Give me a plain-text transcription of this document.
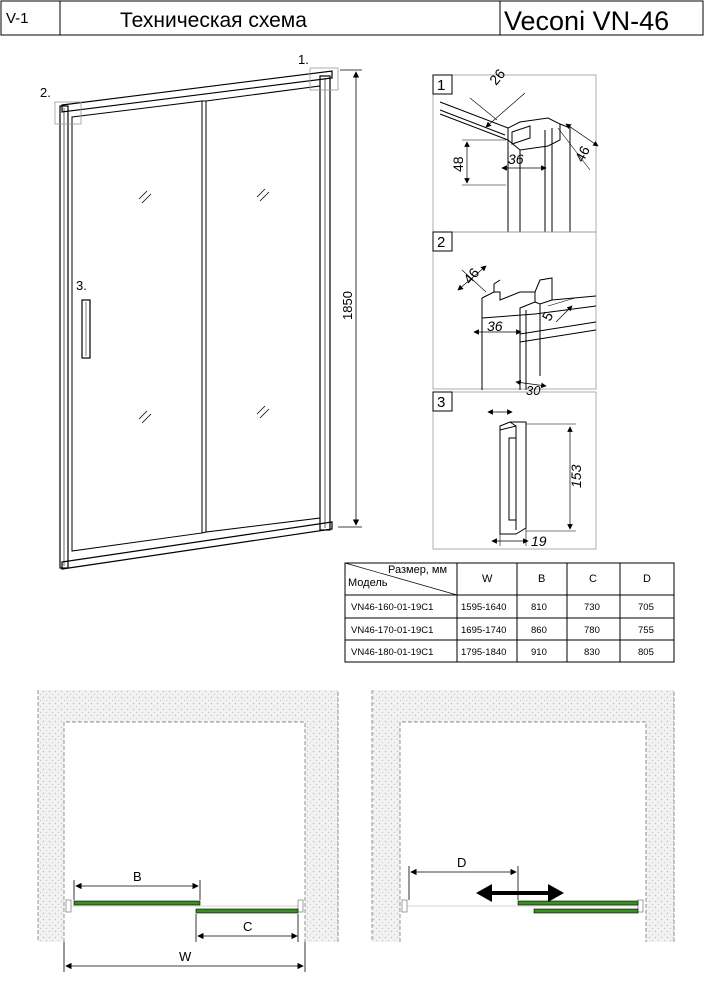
V-1	Техническая схема	Veconi VN-46
1.
2.
3.
1850
1	26
48	36	46
2
46
36
5
30
3
153
19
Размер, мм
Модель	W	B	C	D
VN46-160-01-19C1	1595-1640	810	730	705
VN46-170-01-19C1	1695-1740	860	780	755
VN46-180-01-19C1	1795-1840	910	830	805
B
C
W
D
